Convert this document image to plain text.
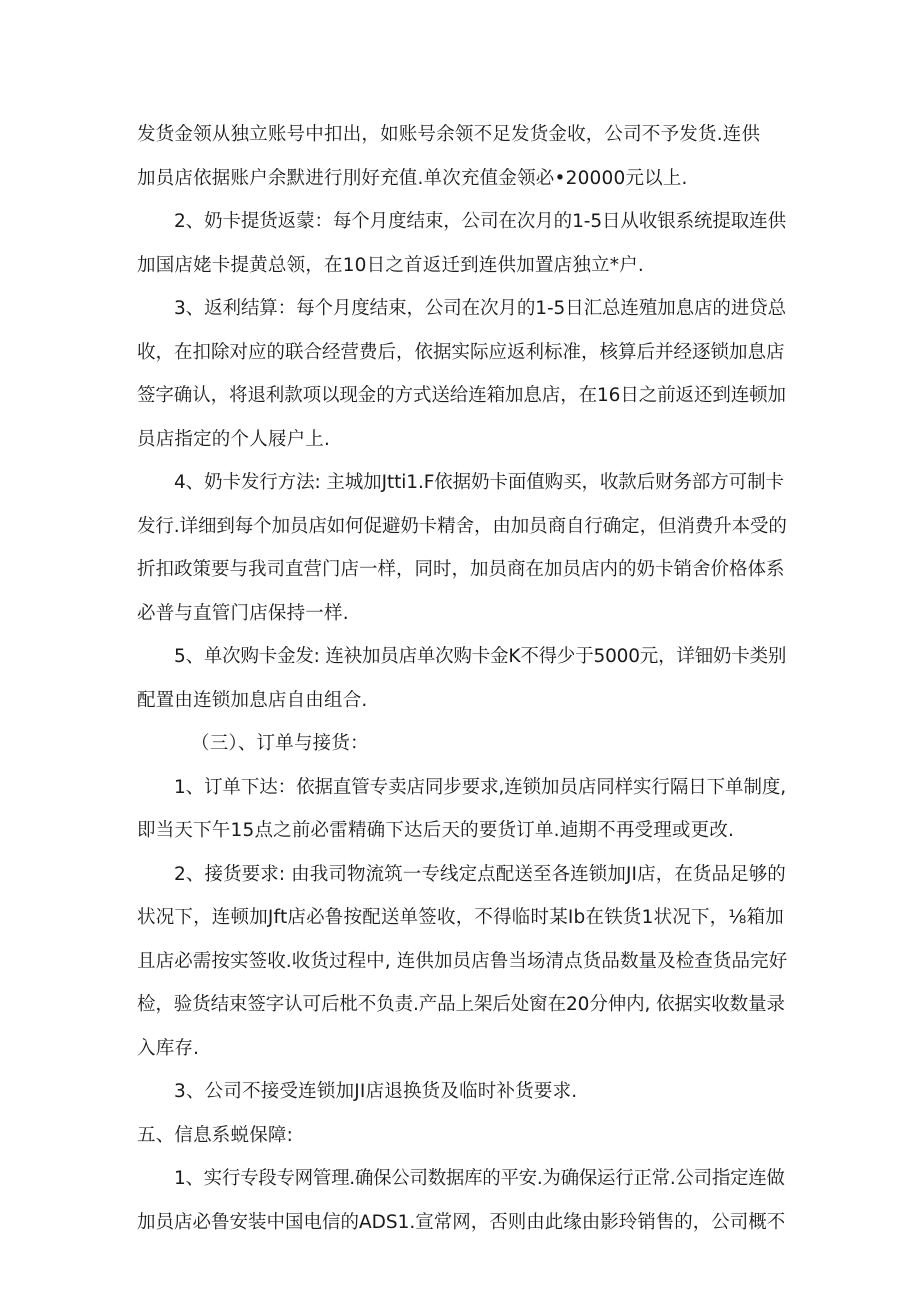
发货金领从独立账号中扣出，如账号余领不足发货金收，公司不予发货.连供
加员店依据账户余默进行刖好充值.单次充值金领必•20000元以上.

2、奶卡提货返蒙：每个月度结束，公司在次月的1-5日从收银系统提取连供
加国店姥卡提黄总领，在10日之首返迁到连供加置店独立*户.

3、返利结算：每个月度结束，公司在次月的1-5日汇总连殖加息店的进贷总
收，在扣除对应的联合经营费后，依据实际应返利标准，核算后并经逐锁加息店
签字确认，将退利款项以现金的方式送给连箱加息店，在16日之前返还到连顿加
员店指定的个人屐户上.

4、奶卡发行方法: 主城加Jtti1.F依据奶卡面值购买，收款后财务部方可制卡
发行.详细到每个加员店如何促避奶卡精舍，由加员商自行确定，但消费升本受的
折扣政策要与我司直营门店一样，同时，加员商在加员店内的奶卡销舍价格体系
必普与直管门店保持一样.

5、单次购卡金发: 连袂加员店单次购卡金K不得少于5000元，详钿奶卡类别
配置由连锁加息店自由组合.

（三）、订单与接货：

1、订单下达：依据直管专卖店同步要求,连锁加员店同样实行隔日下单制度,
即当天下午15点之前必雷精确下达后天的要货订单.逌期不再受理或更改.

2、接货要求: 由我司物流筑一专线定点配送至各连锁加JI店，在货品足够的
状况下，连顿加Jft店必鲁按配送单签收，不得临时某Ib在铁货1状况下，⅛箱加
且店必需按实签收.收货过程中, 连供加员店鲁当场清点货品数量及检查货品完好
检，验货结束签字认可后枇不负责.产品上架后处窗在20分伸内, 依据实收数量录
入库存.

3、公司不接受连锁加JI店退换货及临时补货要求.

五、信息系蜕保障:

1、实行专段专网管理.确保公司数据库的平安.为确保运行正常.公司指定连做
加员店必鲁安装中国电信的ADS1.宣常网，否则由此缘由影玲销售的，公司概不
